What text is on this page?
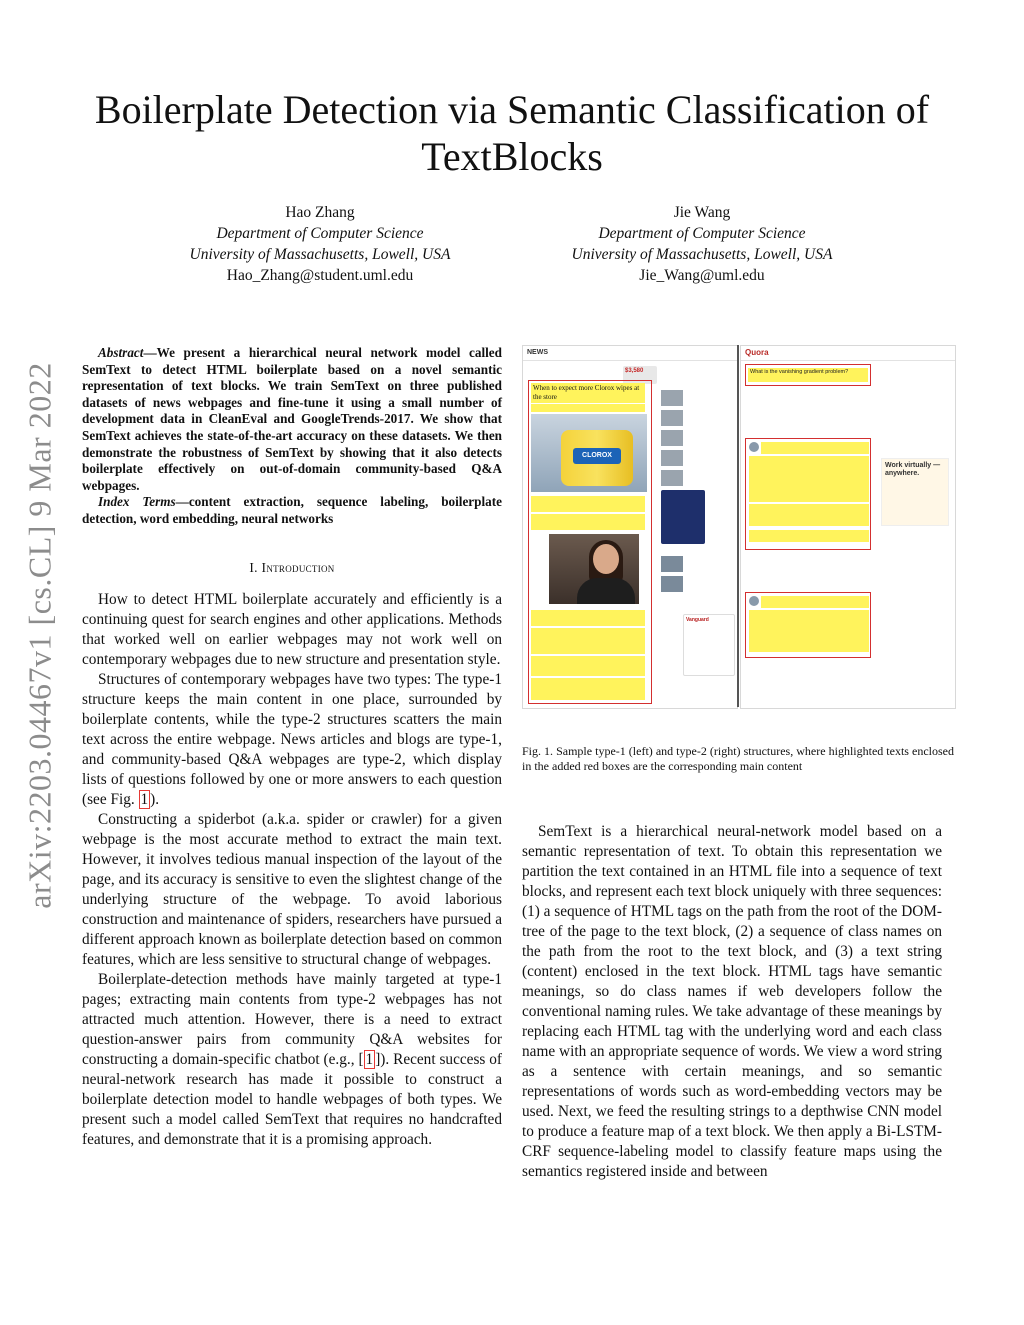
arXiv:2203.04467v1 [cs.CL] 9 Mar 2022
Boilerplate Detection via Semantic Classification of TextBlocks
Hao Zhang
Department of Computer Science
University of Massachusetts, Lowell, USA
Hao_Zhang@student.uml.edu
Jie Wang
Department of Computer Science
University of Massachusetts, Lowell, USA
Jie_Wang@uml.edu

Abstract—We present a hierarchical neural network model called SemText to detect HTML boilerplate based on a novel semantic representation of text blocks. We train SemText on three published datasets of news webpages and fine-tune it using a small number of development data in CleanEval and GoogleTrends-2017. We show that SemText achieves the state-of-the-art accuracy on these datasets. We then demonstrate the robustness of SemText by showing that it also detects boilerplate effectively on out-of-domain community-based Q&A webpages.

Index Terms—content extraction, sequence labeling, boilerplate detection, word embedding, neural networks

I. Introduction

How to detect HTML boilerplate accurately and efficiently is a continuing quest for search engines and other applications. Methods that worked well on earlier webpages may not work well on contemporary webpages due to new structure and presentation style.

Structures of contemporary webpages have two types: The type-1 structure keeps the main content in one place, surrounded by boilerplate contents, while the type-2 structures scatters the main text across the entire webpage. News articles and blogs are type-1, and community-based Q&A webpages are type-2, which display lists of questions followed by one or more answers to each question (see Fig. 1 ).

Constructing a spiderbot (a.k.a. spider or crawler) for a given webpage is the most accurate method to extract the main text. However, it involves tedious manual inspection of the layout of the page, and its accuracy is sensitive to even the slightest change of the underlying structure of the webpage. To avoid laborious construction and maintenance of spiders, researchers have pursued a different approach known as boilerplate detection based on common features, which are less sensitive to structural change of webpages.

Boilerplate-detection methods have mainly targeted at type-1 pages; extracting main contents from type-2 webpages has not attracted much attention. However, there is a need to extract question-answer pairs from community Q&A websites for constructing a domain-specific chatbot (e.g., [ 1 ]). Recent success of neural-network research has made it possible to construct a boilerplate detection model to handle webpages of both types. We present such a model called SemText that requires no handcrafted features, and demonstrate that it is a promising approach.

NEWS
$3,580
When to expect more Clorox wipes at the store
CLOROX
Vanguard
Quora
What is the vanishing gradient problem?
Work virtually — anywhere.
Fig. 1. Sample type-1 (left) and type-2 (right) structures, where highlighted texts enclosed in the added red boxes are the corresponding main content

SemText is a hierarchical neural-network model based on a semantic representation of text. To obtain this representation we partition the text contained in an HTML file into a sequence of text blocks, and represent each text block uniquely with three sequences: (1) a sequence of HTML tags on the path from the root of the DOM-tree of the page to the text block, (2) a sequence of class names on the path from the root to the text block, and (3) a text string (content) enclosed in the text block. HTML tags have semantic meanings, so do class names if web developers follow the conventional naming rules. We take advantage of these meanings by replacing each HTML tag with the underlying word and each class name with an appropriate sequence of words. We view a word string as a sentence with certain meanings, and so semantic representations of words such as word-embedding vectors may be used. Next, we feed the resulting strings to a depthwise CNN model to produce a feature map of a text block. We then apply a Bi-LSTM-CRF sequence-labeling model to classify feature maps using the semantics registered inside and between
